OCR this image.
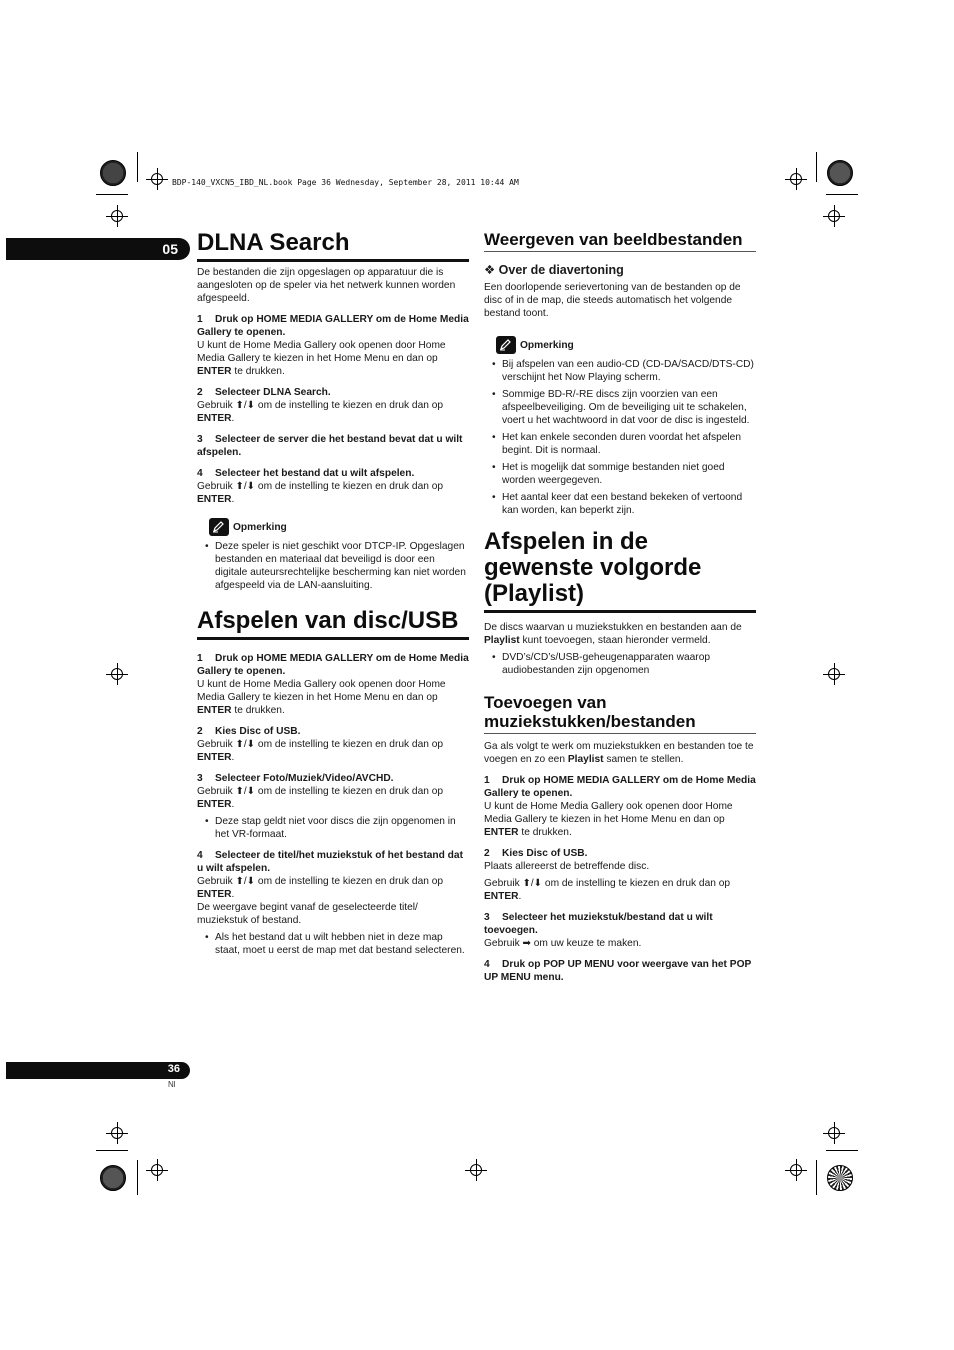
BDP-140_VXCN5_IBD_NL.book Page 36 Wednesday, September 28, 2011 10:44 AM
05
36
Nl
DLNA Search

De bestanden die zijn opgeslagen op apparatuur die is aangesloten op de speler via het netwerk kunnen worden afgespeeld.

1 Druk op HOME MEDIA GALLERY om de Home Media Gallery te openen.

U kunt de Home Media Gallery ook openen door Home Media Gallery te kiezen in het Home Menu en dan op ENTER te drukken.

2 Selecteer DLNA Search.

Gebruik ⬆/⬇ om de instelling te kiezen en druk dan op ENTER.

3 Selecteer de server die het bestand bevat dat u wilt afspelen.

4 Selecteer het bestand dat u wilt afspelen.

Gebruik ⬆/⬇ om de instelling te kiezen en druk dan op ENTER.

Opmerking

• Deze speler is niet geschikt voor DTCP-IP. Opgeslagen bestanden en materiaal dat beveiligd is door een digitale auteursrechtelijke bescherming kan niet worden afgespeeld via de LAN-aansluiting.

Afspelen van disc/USB

1 Druk op HOME MEDIA GALLERY om de Home Media Gallery te openen.

U kunt de Home Media Gallery ook openen door Home Media Gallery te kiezen in het Home Menu en dan op ENTER te drukken.

2 Kies Disc of USB.

Gebruik ⬆/⬇ om de instelling te kiezen en druk dan op ENTER.

3 Selecteer Foto/Muziek/Video/AVCHD.

Gebruik ⬆/⬇ om de instelling te kiezen en druk dan op ENTER.

• Deze stap geldt niet voor discs die zijn opgenomen in het VR-formaat.

4 Selecteer de titel/het muziekstuk of het bestand dat u wilt afspelen.

Gebruik ⬆/⬇ om de instelling te kiezen en druk dan op ENTER.

De weergave begint vanaf de geselecteerde titel/ muziekstuk of bestand.

• Als het bestand dat u wilt hebben niet in deze map staat, moet u eerst de map met dat bestand selecteren.

Weergeven van beeldbestanden

❖ Over de diavertoning

Een doorlopende serievertoning van de bestanden op de disc of in de map, die steeds automatisch het volgende bestand toont.

Opmerking

• Bij afspelen van een audio-CD (CD-DA/SACD/DTS-CD) verschijnt het Now Playing scherm.

• Sommige BD-R/-RE discs zijn voorzien van een afspeelbeveiliging. Om de beveiliging uit te schakelen, voert u het wachtwoord in dat voor de disc is ingesteld.

• Het kan enkele seconden duren voordat het afspelen begint. Dit is normaal.

• Het is mogelijk dat sommige bestanden niet goed worden weergegeven.

• Het aantal keer dat een bestand bekeken of vertoond kan worden, kan beperkt zijn.

Afspelen in de gewenste volgorde (Playlist)

De discs waarvan u muziekstukken en bestanden aan de Playlist kunt toevoegen, staan hieronder vermeld.

• DVD’s/CD’s/USB-geheugenapparaten waarop audiobestanden zijn opgenomen

Toevoegen van muziekstukken/bestanden

Ga als volgt te werk om muziekstukken en bestanden toe te voegen en zo een Playlist samen te stellen.

1 Druk op HOME MEDIA GALLERY om de Home Media Gallery te openen.

U kunt de Home Media Gallery ook openen door Home Media Gallery te kiezen in het Home Menu en dan op ENTER te drukken.

2 Kies Disc of USB.

Plaats allereerst de betreffende disc.

Gebruik ⬆/⬇ om de instelling te kiezen en druk dan op ENTER.

3 Selecteer het muziekstuk/bestand dat u wilt toevoegen.

Gebruik ➡ om uw keuze te maken.

4 Druk op POP UP MENU voor weergave van het POP UP MENU menu.
